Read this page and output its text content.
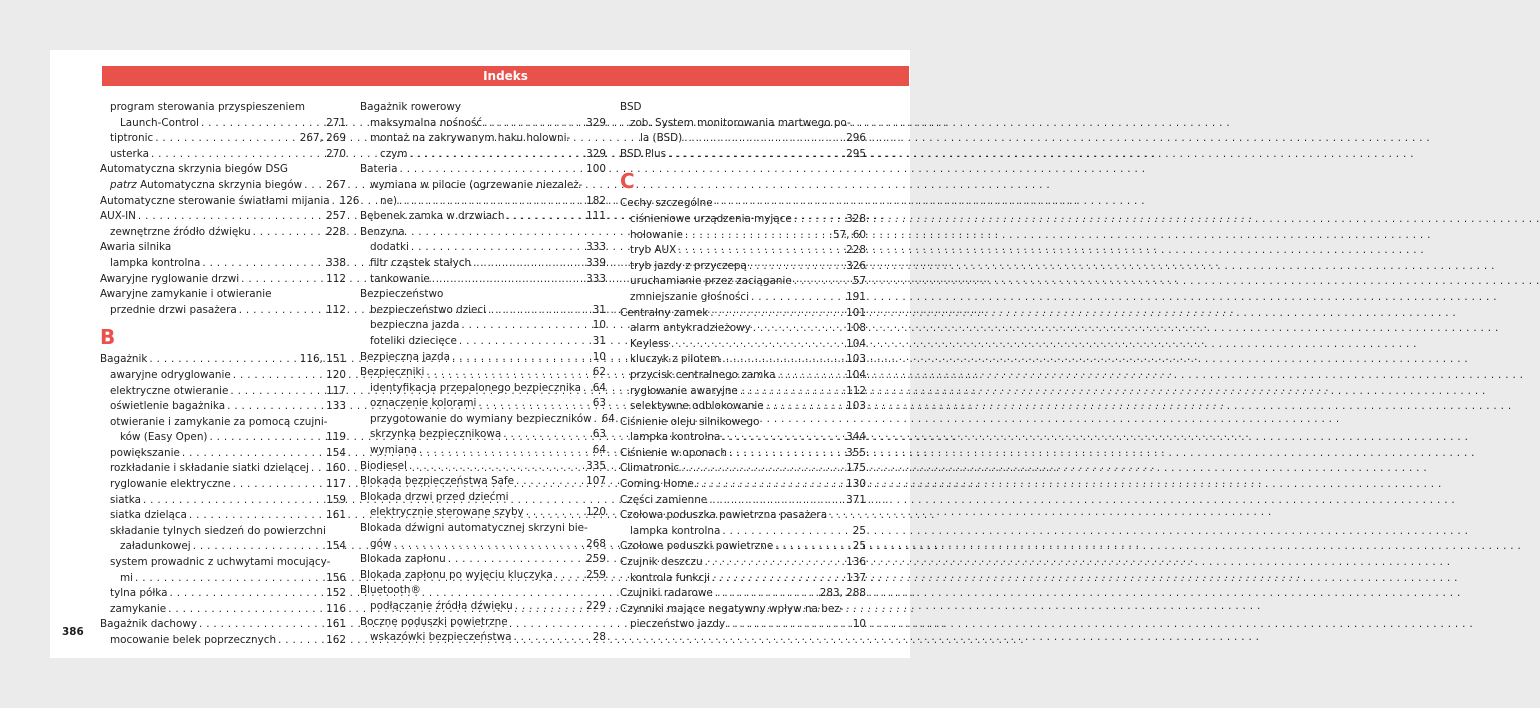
Indeks
program sterowania przyspieszeniem
Launch-Control . . .	271
tiptronic . . .	267, 269
usterka . . .	270
Automatyczna skrzynia biegów DSG
patrz Automatyczna skrzynia biegów . . . 267
Automatyczne sterowanie światłami mijania . . . 126
AUX-IN . . .	257
zewnętrzne źródło dźwięku . . .	228
Awaria silnika
lampka kontrolna . . .	338
Awaryjne ryglowanie drzwi . . .	112
Awaryjne zamykanie i otwieranie
przednie drzwi pasażera . . .	112
B
Bagażnik . . .	116, 151
awaryjne odryglowanie . . .	120
elektryczne otwieranie . . .	117
oświetlenie bagażnika . . .	133
otwieranie i zamykanie za pomocą czujni-
ków (Easy Open) . . .	119
powiększanie . . .	154
rozkładanie i składanie siatki dzielącej . . . 160
ryglowanie elektryczne . . .	117
siatka . . .	159
siatka dzieląca . . .	161
składanie tylnych siedzeń do powierzchni
załadunkowej . . .	154
system prowadnic z uchwytami mocujący-
mi . . .	156
tylna półka . . .	152
zamykanie . . .	116
Bagażnik dachowy . . .	161
mocowanie belek poprzecznych . . .	162
Bagażnik rowerowy
maksymalna nośność . . .	329
montaż na zakrywanym haku holowni-
czym . . .	329
Bateria . . .	100
wymiana w pilocie (ogrzewanie niezależ-
ne) . . .	182
Bębenek zamka w drzwiach . . .	111
Benzyna
dodatki . . .	333
filtr cząstek stałych . . .	339
tankowanie . . .	333
Bezpieczeństwo
bezpieczeństwo dzieci . . .	31
bezpieczna jazda . . .	10
foteliki dziecięce . . .	31
Bezpieczna jazda . . .	10
Bezpieczniki . . .	62
identyfikacja przepalonego bezpiecznika . . . 64
oznaczenie kolorami . . .	63
przygotowanie do wymiany bezpieczników . . . 64
skrzynka bezpiecznikowa . . .	63
wymiana . . .	64
Biodiesel . . .	335
Blokada bezpieczeństwa Safe . . .	107
Blokada drzwi przed dziećmi
elektrycznie sterowane szyby . . .	120
Blokada dźwigni automatycznej skrzyni bie-
gów . . .	268
Blokada zapłonu . . .	259
Blokada zapłonu po wyjęciu kluczyka . . .	259
Bluetooth®
podłączanie źródła dźwięku . . .	229
Boczne poduszki powietrzne
wskazówki bezpieczeństwa . . .	28
BSD
zob. System monitorowania martwego po-
la (BSD) . . .	296
BSD Plus . . .	295
C
Cechy szczególne
ciśnieniowe urządzenia myjące . . .	328
holowanie . . .	57, 60
tryb AUX . . .	228
tryb jazdy z przyczepą . . .	326
uruchamianie przez zaciąganie . . .	57
zmniejszanie głośności . . .	191
Centralny zamek . . .	101
alarm antykradzieżowy . . .	108
Keyless . . .	104
kluczyk z pilotem . . .	103
przycisk centralnego zamka . . .	104
ryglowanie awaryjne . . .	112
selektywne odblokowanie . . .	103
Ciśnienie oleju silnikowego
lampka kontrolna . . .	344
Ciśnienie w oponach . . .	355
Climatronic . . .	175
Coming Home . . .	130
Części zamienne . . .	371
Czołowa poduszka powietrzna pasażera
lampka kontrolna . . .	25
Czołowe poduszki powietrzne . . .	25
Czujnik deszczu . . .	136
kontrola funkcji . . .	137
Czujniki radarowe . . .	283, 288
Czynniki mające negatywny wpływ na bez-
pieczeństwo jazdy . . .	10
386
